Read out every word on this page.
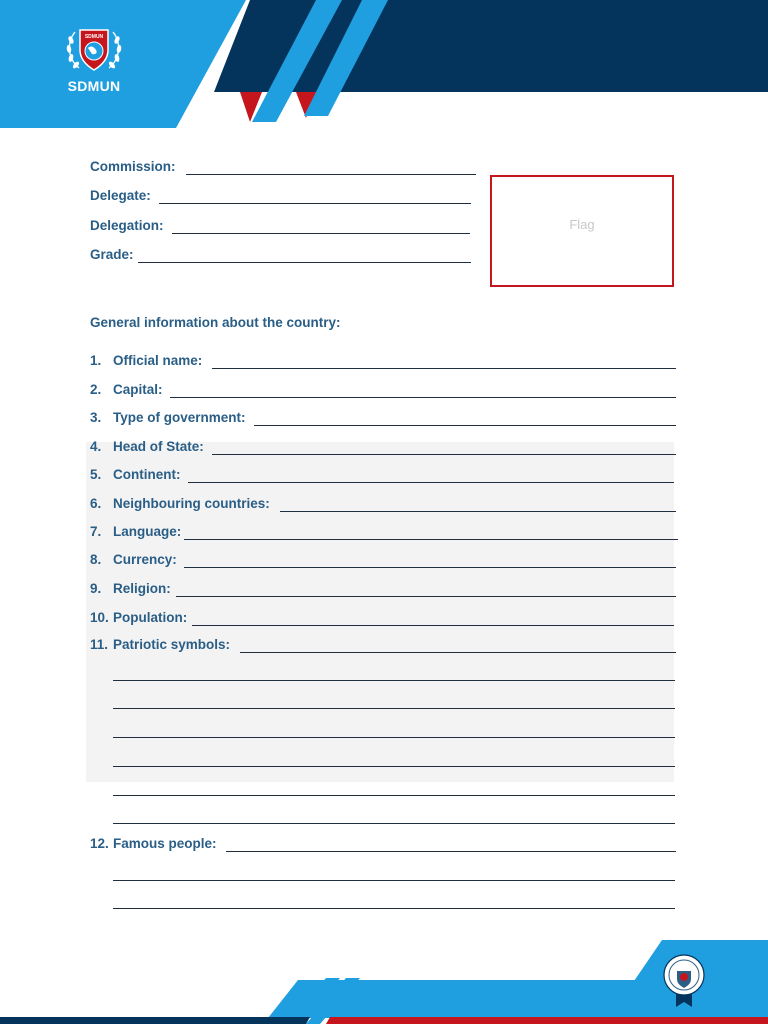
SDMUN
SDMUN
Commission:
Delegate:
Delegation:
Grade:
Flag
General information about the country:
1. Official name:
2. Capital:
3. Type of government:
4. Head of State:
5. Continent:
6. Neighbouring countries:
7. Language:
8. Currency:
9. Religion:
10. Population:
11. Patriotic symbols:
12. Famous people:
